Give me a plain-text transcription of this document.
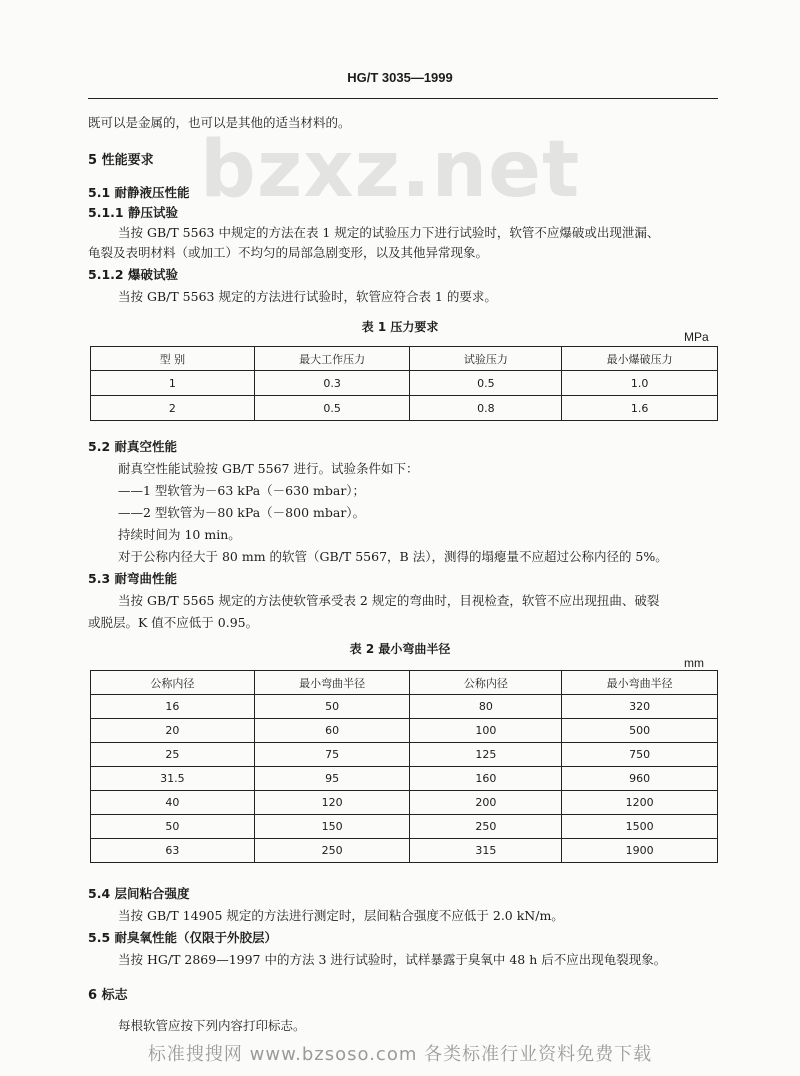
HG/T 3035—1999
bzxz.net
既可以是金属的，也可以是其他的适当材料的。
5 性能要求
5.1 耐静液压性能
5.1.1 静压试验
当按 GB/T 5563 中规定的方法在表 1 规定的试验压力下进行试验时，软管不应爆破或出现泄漏、
龟裂及表明材料（或加工）不均匀的局部急剧变形，以及其他异常现象。
5.1.2 爆破试验
当按 GB/T 5563 规定的方法进行试验时，软管应符合表 1 的要求。
表 1 压力要求
MPa
型 别	最大工作压力	试验压力	最小爆破压力
1	0.3	0.5	1.0
2	0.5	0.8	1.6
5.2 耐真空性能
耐真空性能试验按 GB/T 5567 进行。试验条件如下：
——1 型软管为－63 kPa（－630 mbar）；
——2 型软管为－80 kPa（－800 mbar）。
持续时间为 10 min。
对于公称内径大于 80 mm 的软管（GB/T 5567，B 法），测得的塌瘪量不应超过公称内径的 5%。
5.3 耐弯曲性能
当按 GB/T 5565 规定的方法使软管承受表 2 规定的弯曲时，目视检查，软管不应出现扭曲、破裂
或脱层。K 值不应低于 0.95。
表 2 最小弯曲半径
mm
公称内径	最小弯曲半径	公称内径	最小弯曲半径
16	50	80	320
20	60	100	500
25	75	125	750
31.5	95	160	960
40	120	200	1200
50	150	250	1500
63	250	315	1900
5.4 层间粘合强度
当按 GB/T 14905 规定的方法进行测定时，层间粘合强度不应低于 2.0 kN/m。
5.5 耐臭氧性能（仅限于外胶层）
当按 HG/T 2869—1997 中的方法 3 进行试验时，试样暴露于臭氧中 48 h 后不应出现龟裂现象。
6 标志
每根软管应按下列内容打印标志。
标准搜搜网 www.bzsoso.com 各类标准行业资料免费下载
